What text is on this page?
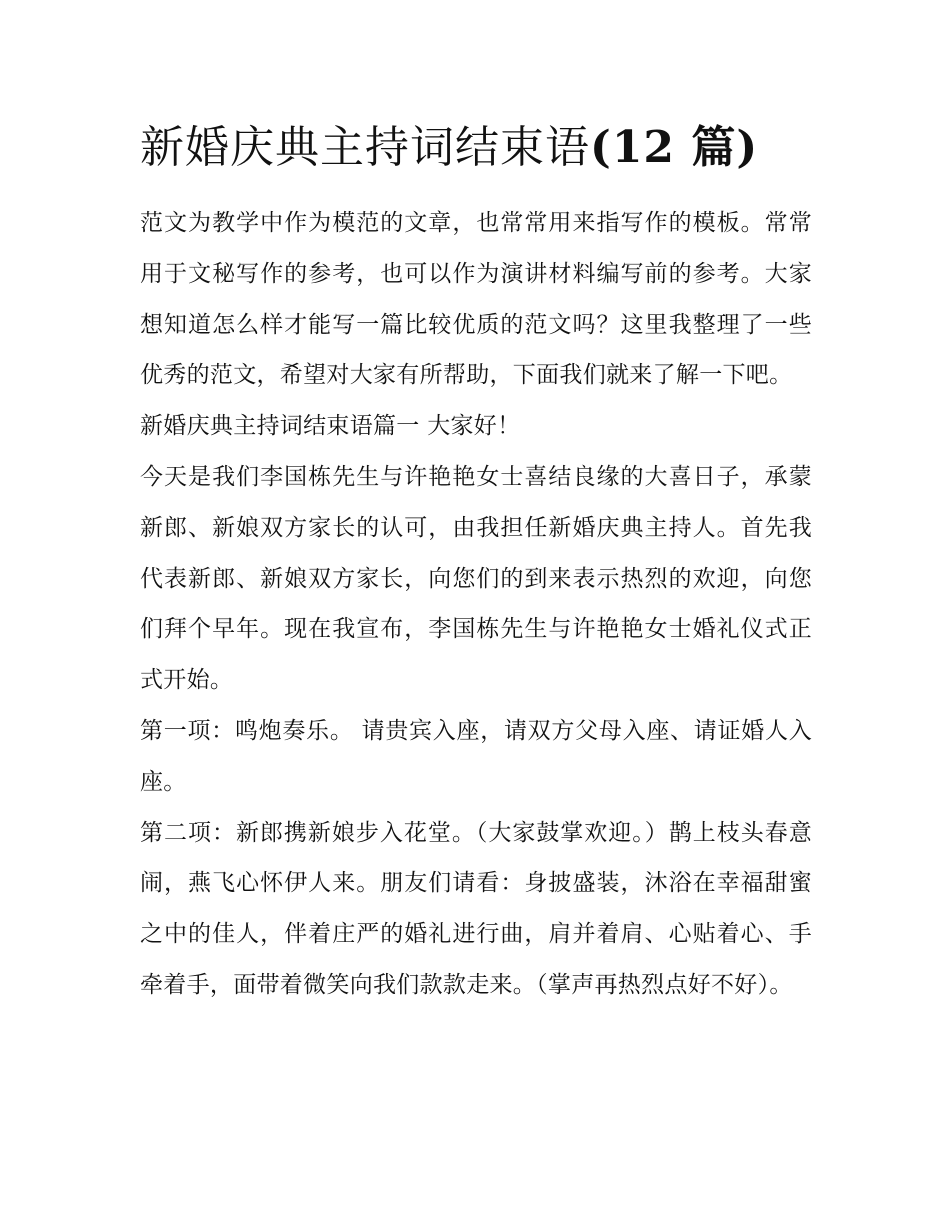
新婚庆典主持词结束语(12 篇)

范文为教学中作为模范的文章，也常常用来指写作的模板。常常用于文秘写作的参考，也可以作为演讲材料编写前的参考。大家想知道怎么样才能写一篇比较优质的范文吗？这里我整理了一些优秀的范文，希望对大家有所帮助，下面我们就来了解一下吧。

新婚庆典主持词结束语篇一 大家好！

今天是我们李国栋先生与许艳艳女士喜结良缘的大喜日子，承蒙新郎、新娘双方家长的认可，由我担任新婚庆典主持人。首先我代表新郎、新娘双方家长，向您们的到来表示热烈的欢迎，向您们拜个早年。现在我宣布，李国栋先生与许艳艳女士婚礼仪式正式开始。

第一项：鸣炮奏乐。 请贵宾入座，请双方父母入座、请证婚人入座。

第二项：新郎携新娘步入花堂。（大家鼓掌欢迎。）鹊上枝头春意闹，燕飞心怀伊人来。朋友们请看：身披盛装，沐浴在幸福甜蜜之中的佳人，伴着庄严的婚礼进行曲，肩并着肩、心贴着心、手牵着手，面带着微笑向我们款款走来。（掌声再热烈点好不好）。
